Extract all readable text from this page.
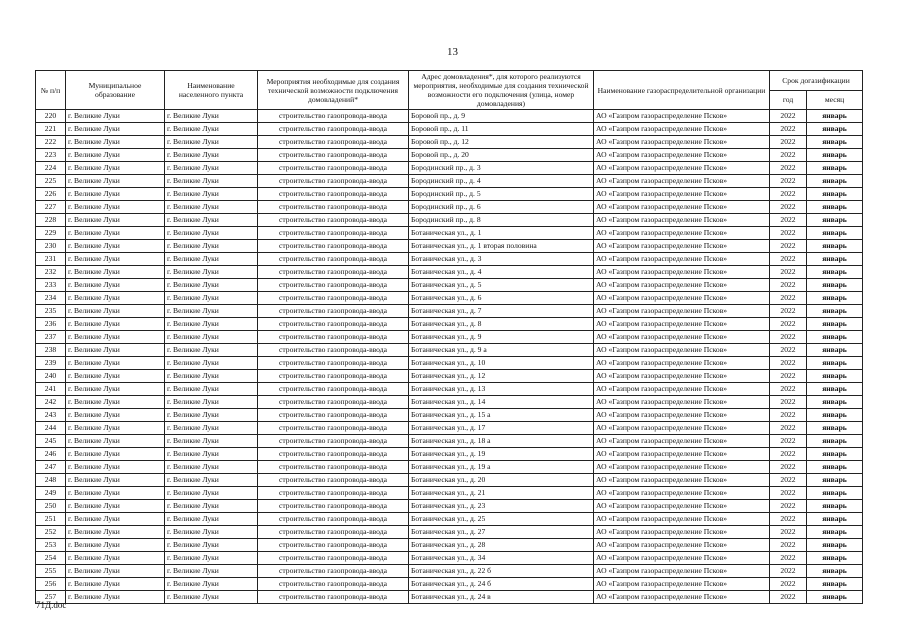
13
№ п/п	Муниципальное образование	Наименование населенного пункта	Мероприятия необходимые для создания технической возможности подключения домовладений*	Адрес домовладения*, для которого реализуются мероприятия, необходимые для создания технической возможности его подключения (улица, номер домовладения)	Наименование газораспределительной организации	Срок догазификации	
						год	месяц
220	г. Великие Луки	г. Великие Луки	строительство газопровода-ввода	Боровой пр., д. 9	АО «Газпром газораспределение Псков»	2022	январь
221	г. Великие Луки	г. Великие Луки	строительство газопровода-ввода	Боровой пр., д. 11	АО «Газпром газораспределение Псков»	2022	январь
222	г. Великие Луки	г. Великие Луки	строительство газопровода-ввода	Боровой пр., д. 12	АО «Газпром газораспределение Псков»	2022	январь
223	г. Великие Луки	г. Великие Луки	строительство газопровода-ввода	Боровой пр., д. 20	АО «Газпром газораспределение Псков»	2022	январь
224	г. Великие Луки	г. Великие Луки	строительство газопровода-ввода	Бородинский пр., д. 3	АО «Газпром газораспределение Псков»	2022	январь
225	г. Великие Луки	г. Великие Луки	строительство газопровода-ввода	Бородинский пр., д. 4	АО «Газпром газораспределение Псков»	2022	январь
226	г. Великие Луки	г. Великие Луки	строительство газопровода-ввода	Бородинский пр., д. 5	АО «Газпром газораспределение Псков»	2022	январь
227	г. Великие Луки	г. Великие Луки	строительство газопровода-ввода	Бородинский пр., д. 6	АО «Газпром газораспределение Псков»	2022	январь
228	г. Великие Луки	г. Великие Луки	строительство газопровода-ввода	Бородинский пр., д. 8	АО «Газпром газораспределение Псков»	2022	январь
229	г. Великие Луки	г. Великие Луки	строительство газопровода-ввода	Ботаническая ул., д. 1	АО «Газпром газораспределение Псков»	2022	январь
230	г. Великие Луки	г. Великие Луки	строительство газопровода-ввода	Ботаническая ул., д. 1 вторая половина	АО «Газпром газораспределение Псков»	2022	январь
231	г. Великие Луки	г. Великие Луки	строительство газопровода-ввода	Ботаническая ул., д. 3	АО «Газпром газораспределение Псков»	2022	январь
232	г. Великие Луки	г. Великие Луки	строительство газопровода-ввода	Ботаническая ул., д. 4	АО «Газпром газораспределение Псков»	2022	январь
233	г. Великие Луки	г. Великие Луки	строительство газопровода-ввода	Ботаническая ул., д. 5	АО «Газпром газораспределение Псков»	2022	январь
234	г. Великие Луки	г. Великие Луки	строительство газопровода-ввода	Ботаническая ул., д. 6	АО «Газпром газораспределение Псков»	2022	январь
235	г. Великие Луки	г. Великие Луки	строительство газопровода-ввода	Ботаническая ул., д. 7	АО «Газпром газораспределение Псков»	2022	январь
236	г. Великие Луки	г. Великие Луки	строительство газопровода-ввода	Ботаническая ул., д. 8	АО «Газпром газораспределение Псков»	2022	январь
237	г. Великие Луки	г. Великие Луки	строительство газопровода-ввода	Ботаническая ул., д. 9	АО «Газпром газораспределение Псков»	2022	январь
238	г. Великие Луки	г. Великие Луки	строительство газопровода-ввода	Ботаническая ул., д. 9 а	АО «Газпром газораспределение Псков»	2022	январь
239	г. Великие Луки	г. Великие Луки	строительство газопровода-ввода	Ботаническая ул., д. 10	АО «Газпром газораспределение Псков»	2022	январь
240	г. Великие Луки	г. Великие Луки	строительство газопровода-ввода	Ботаническая ул., д. 12	АО «Газпром газораспределение Псков»	2022	январь
241	г. Великие Луки	г. Великие Луки	строительство газопровода-ввода	Ботаническая ул., д. 13	АО «Газпром газораспределение Псков»	2022	январь
242	г. Великие Луки	г. Великие Луки	строительство газопровода-ввода	Ботаническая ул., д. 14	АО «Газпром газораспределение Псков»	2022	январь
243	г. Великие Луки	г. Великие Луки	строительство газопровода-ввода	Ботаническая ул., д. 15 а	АО «Газпром газораспределение Псков»	2022	январь
244	г. Великие Луки	г. Великие Луки	строительство газопровода-ввода	Ботаническая ул., д. 17	АО «Газпром газораспределение Псков»	2022	январь
245	г. Великие Луки	г. Великие Луки	строительство газопровода-ввода	Ботаническая ул., д. 18 а	АО «Газпром газораспределение Псков»	2022	январь
246	г. Великие Луки	г. Великие Луки	строительство газопровода-ввода	Ботаническая ул., д. 19	АО «Газпром газораспределение Псков»	2022	январь
247	г. Великие Луки	г. Великие Луки	строительство газопровода-ввода	Ботаническая ул., д. 19 а	АО «Газпром газораспределение Псков»	2022	январь
248	г. Великие Луки	г. Великие Луки	строительство газопровода-ввода	Ботаническая ул., д. 20	АО «Газпром газораспределение Псков»	2022	январь
249	г. Великие Луки	г. Великие Луки	строительство газопровода-ввода	Ботаническая ул., д. 21	АО «Газпром газораспределение Псков»	2022	январь
250	г. Великие Луки	г. Великие Луки	строительство газопровода-ввода	Ботаническая ул., д. 23	АО «Газпром газораспределение Псков»	2022	январь
251	г. Великие Луки	г. Великие Луки	строительство газопровода-ввода	Ботаническая ул., д. 25	АО «Газпром газораспределение Псков»	2022	январь
252	г. Великие Луки	г. Великие Луки	строительство газопровода-ввода	Ботаническая ул., д. 27	АО «Газпром газораспределение Псков»	2022	январь
253	г. Великие Луки	г. Великие Луки	строительство газопровода-ввода	Ботаническая ул., д. 28	АО «Газпром газораспределение Псков»	2022	январь
254	г. Великие Луки	г. Великие Луки	строительство газопровода-ввода	Ботаническая ул., д. 34	АО «Газпром газораспределение Псков»	2022	январь
255	г. Великие Луки	г. Великие Луки	строительство газопровода-ввода	Ботаническая ул., д. 22 б	АО «Газпром газораспределение Псков»	2022	январь
256	г. Великие Луки	г. Великие Луки	строительство газопровода-ввода	Ботаническая ул., д. 24 б	АО «Газпром газораспределение Псков»	2022	январь
257	г. Великие Луки	г. Великие Луки	строительство газопровода-ввода	Ботаническая ул., д. 24 в	АО «Газпром газораспределение Псков»	2022	январь
71Д.doc
